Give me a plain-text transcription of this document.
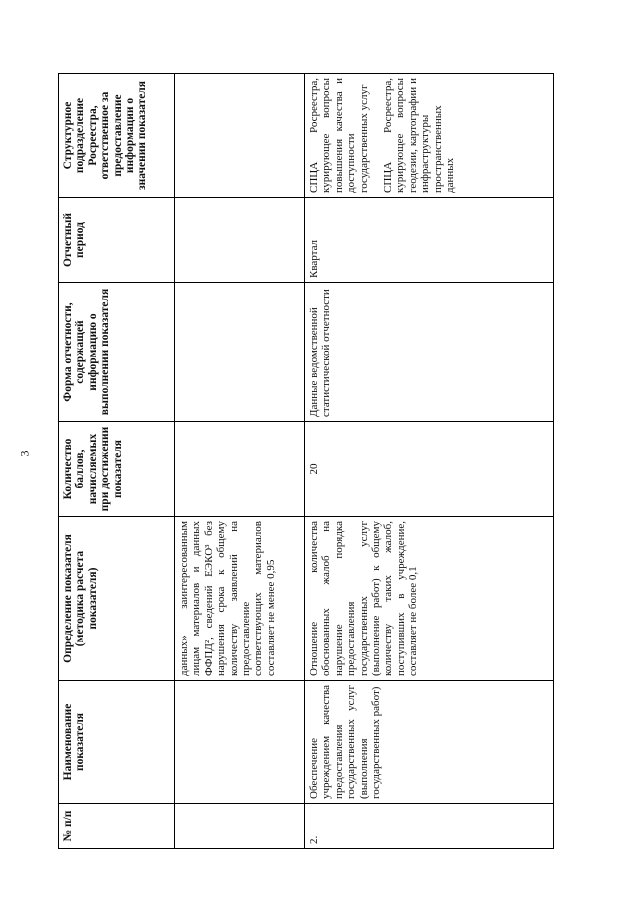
3
№ п/п	Наименование показателя	Определение показателя (методика расчета показателя)	Количество баллов, начисляемых при достижении показателя	Форма отчетности, содержащей информацию о выполнении показателя	Отчетный период	Структурное подразделение Росреестра, ответственное за предоставление информации о значении показателя
		данных» заинтересованным лицам материалов и данных ФФПД², сведений ЕЭКО³ без нарушения срока к общему количеству заявлений на предоставление соответствующих материалов составляет не менее 0,95				
2.	Обеспечение учреждением качества предоставления государственных услуг (выполнения государственных работ)	Отношение количества обоснованных жалоб на нарушение порядка предоставления государственных услуг (выполнение работ) к общему количеству таких жалоб, поступивших в учреждение, составляет не более 0,1	20	Данные ведомственной статистической отчетности	Квартал	СПЦА Росреестра, курирующее вопросы повышения качества и доступности государственных услуг СПЦА Росреестра, курирующее вопросы геодезии, картографии и инфраструктуры пространственных данных
